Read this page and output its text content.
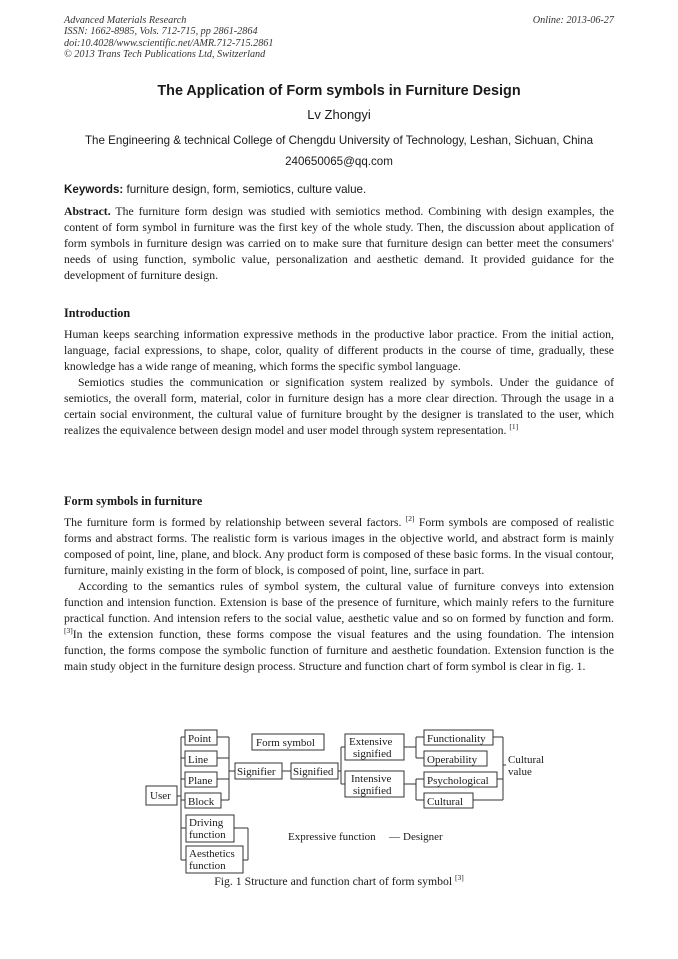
Advanced Materials Research
ISSN: 1662-8985, Vols. 712-715, pp 2861-2864
doi:10.4028/www.scientific.net/AMR.712-715.2861
© 2013 Trans Tech Publications Ltd, Switzerland
Online: 2013-06-27
The Application of Form symbols in Furniture Design
Lv Zhongyi
The Engineering & technical College of Chengdu University of Technology, Leshan, Sichuan, China
240650065@qq.com
Keywords: furniture design, form, semiotics, culture value.
Abstract. The furniture form design was studied with semiotics method. Combining with design examples, the content of form symbol in furniture was the first key of the whole study. Then, the discussion about application of form symbols in furniture design was carried on to make sure that furniture design can better meet the consumers' needs of using function, symbolic value, personalization and aesthetic demand. It provided guidance for the development of furniture design.
Introduction
Human keeps searching information expressive methods in the productive labor practice. From the initial action, language, facial expressions, to shape, color, quality of different products in the course of time, gradually, these knowledge has a wide range of meaning, which forms the specific symbol language.
Semiotics studies the communication or signification system realized by symbols. Under the guidance of semiotics, the overall form, material, color in furniture design has a more clear direction. Through the usage in a certain social environment, the cultural value of furniture brought by the designer is translated to the user, which realizes the equivalence between design model and user model through system representation. [1]
Form symbols in furniture
The furniture form is formed by relationship between several factors. [2] Form symbols are composed of realistic forms and abstract forms. The realistic form is various images in the objective world, and abstract form is mainly composed of point, line, plane, and block. Any product form is composed of these basic forms. In the visual contour, furniture, mainly existing in the form of block, is composed of point, line, surface in part.
According to the semantics rules of symbol system, the cultural value of furniture conveys into extension function and intension function. Extension is base of the presence of furniture, which mainly refers to the furniture practical function. And intension refers to the social value, aesthetic value and so on formed by function and form. [3]In the extension function, these forms compose the visual features and the using foundation. The intension function, the forms compose the symbolic function of furniture and aesthetic foundation. Extension function is the main study object in the furniture design process. Structure and function chart of form symbol is clear in fig. 1.
Point
Line
Plane
Block
User
Form symbol
Signifier Signified
Extensive
signified
Intensive
signified
Functionality
Operability
Psychological
Cultural
Cultural
value
Driving
function
Aesthetics
function
Expressive function — Designer
Fig. 1 Structure and function chart of form symbol [3]
